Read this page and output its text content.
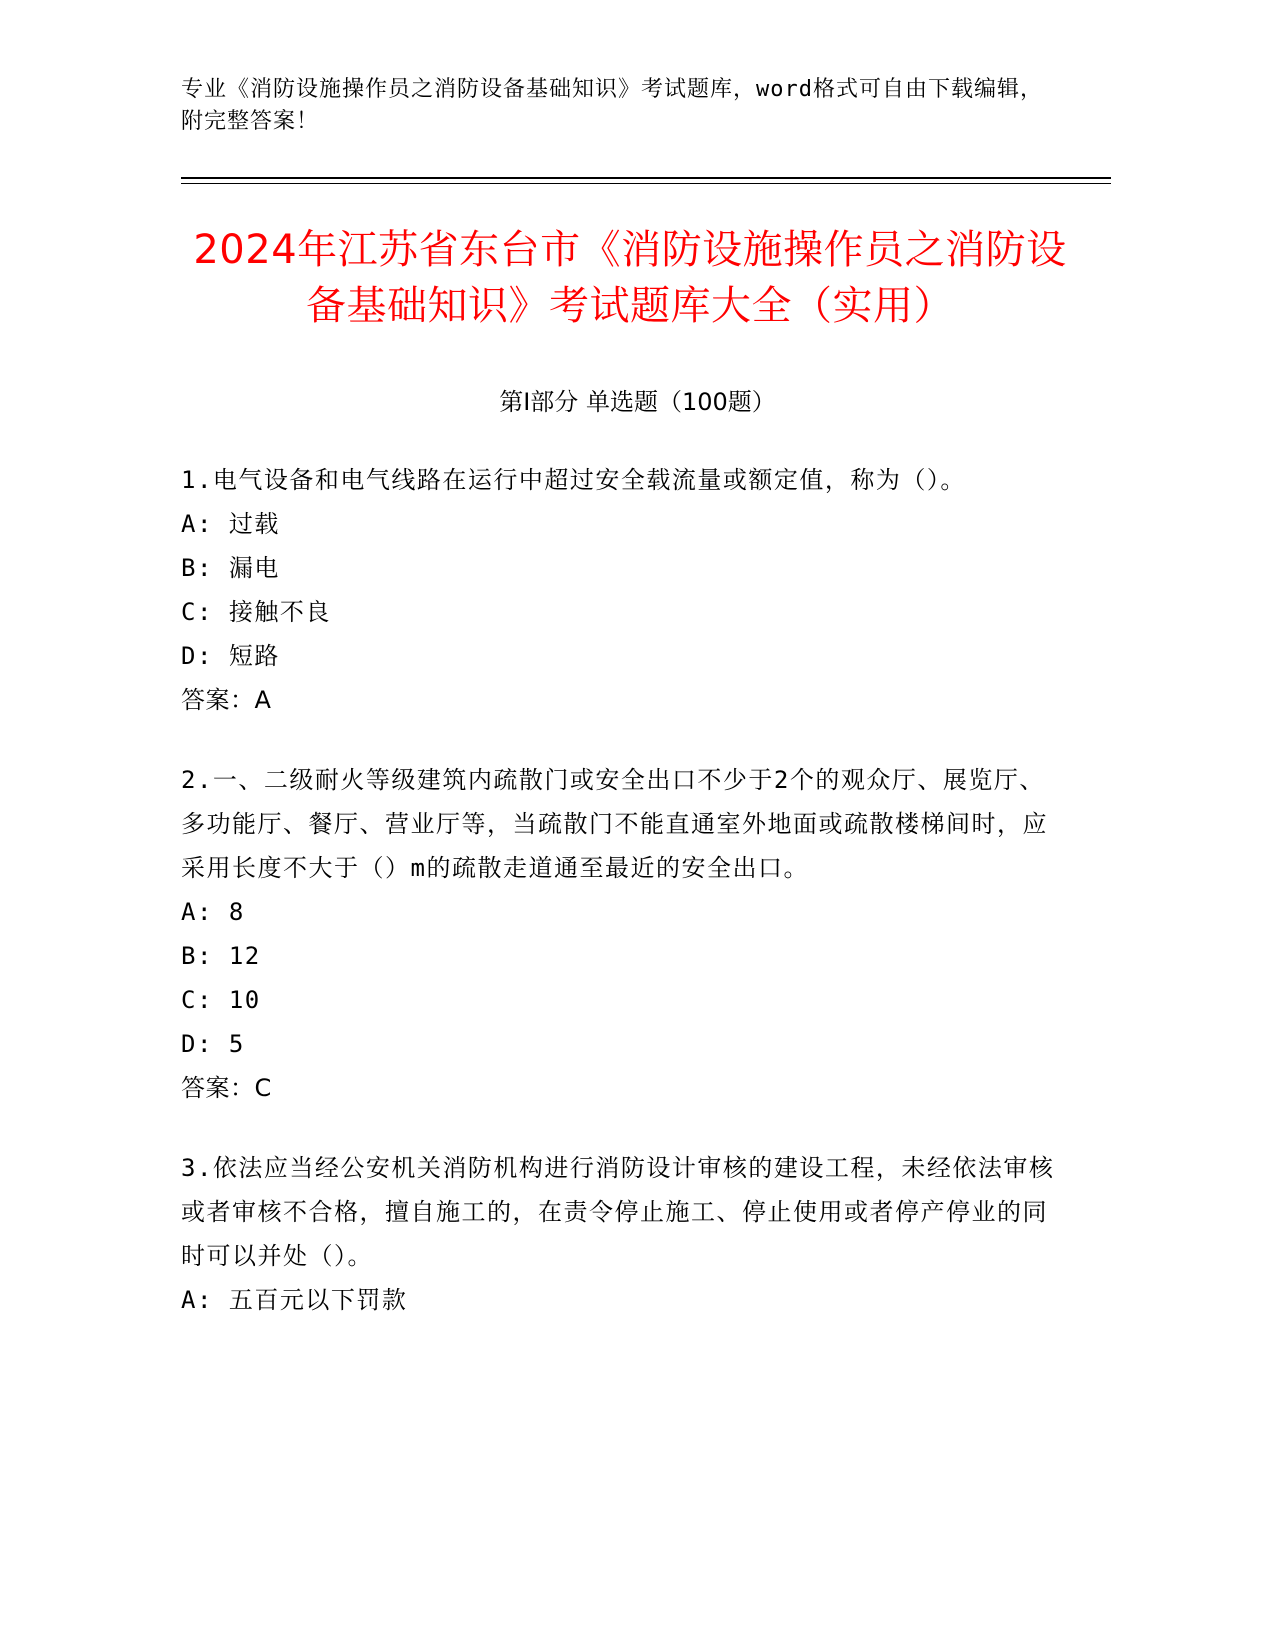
专业《消防设施操作员之消防设备基础知识》考试题库，word格式可自由下载编辑，附完整答案！
2024年江苏省东台市《消防设施操作员之消防设备基础知识》考试题库大全（实用）
第Ⅰ部分 单选题（100题）

1.电气设备和电气线路在运行中超过安全载流量或额定值，称为（）。

A: 过载

B: 漏电

C: 接触不良

D: 短路

答案：A

2.一、二级耐火等级建筑内疏散门或安全出口不少于2个的观众厅、展览厅、多功能厅、餐厅、营业厅等，当疏散门不能直通室外地面或疏散楼梯间时，应采用长度不大于（）m的疏散走道通至最近的安全出口。

A: 8

B: 12

C: 10

D: 5

答案：C

3.依法应当经公安机关消防机构进行消防设计审核的建设工程，未经依法审核或者审核不合格，擅自施工的，在责令停止施工、停止使用或者停产停业的同时可以并处（）。

A: 五百元以下罚款
